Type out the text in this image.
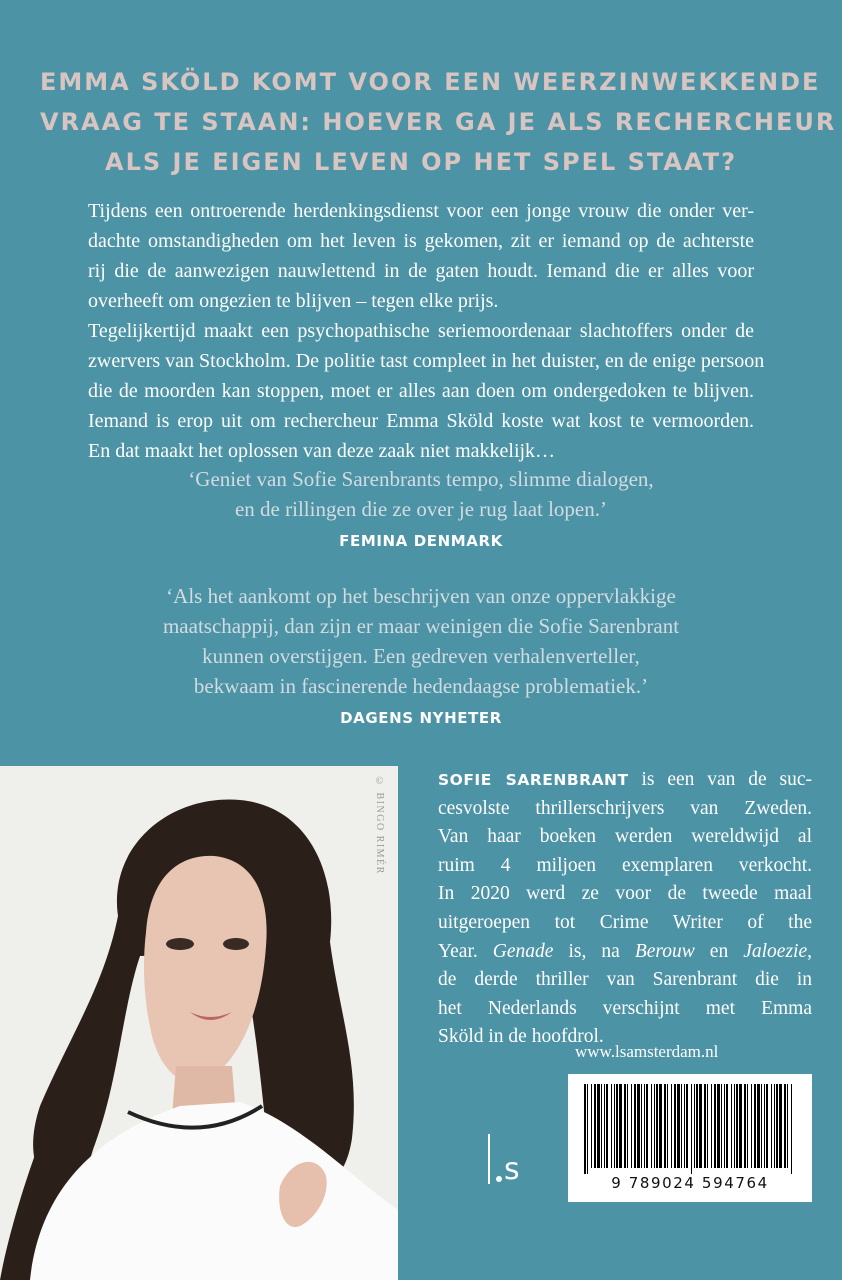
EMMA SKÖLD KOMT VOOR EEN WEERZINWEKKENDE
VRAAG TE STAAN: HOEVER GA JE ALS RECHERCHEUR
ALS JE EIGEN LEVEN OP HET SPEL STAAT?
Tijdens een ontroerende herdenkingsdienst voor een jonge vrouw die onder ver-
dachte omstandigheden om het leven is gekomen, zit er iemand op de achterste
rij die de aanwezigen nauwlettend in de gaten houdt. Iemand die er alles voor
overheeft om ongezien te blijven – tegen elke prijs.
Tegelijkertijd maakt een psychopathische seriemoordenaar slachtoffers onder de
zwervers van Stockholm. De politie tast compleet in het duister, en de enige persoon
die de moorden kan stoppen, moet er alles aan doen om ondergedoken te blijven.
Iemand is erop uit om rechercheur Emma Sköld koste wat kost te vermoorden.
En dat maakt het oplossen van deze zaak niet makkelijk…
‘Geniet van Sofie Sarenbrants tempo, slimme dialogen,
en de rillingen die ze over je rug laat lopen.’
FEMINA DENMARK
‘Als het aankomt op het beschrijven van onze oppervlakkige
maatschappij, dan zijn er maar weinigen die Sofie Sarenbrant
kunnen overstijgen. Een gedreven verhalenverteller,
bekwaam in fascinerende hedendaagse problematiek.’
DAGENS NYHETER
© BINGO RIMÉR	SOFIE SARENBRANT is een van de suc-
cesvolste thrillerschrijvers van Zweden.
Van haar boeken werden wereldwijd al
ruim 4 miljoen exemplaren verkocht.
In 2020 werd ze voor de tweede maal
uitgeroepen tot Crime Writer of the
Year. Genade is, na Berouw en Jaloezie,
de derde thriller van Sarenbrant die in
het Nederlands verschijnt met Emma
Sköld in de hoofdrol.
www.lsamsterdam.nl
s	9 789024 594764
